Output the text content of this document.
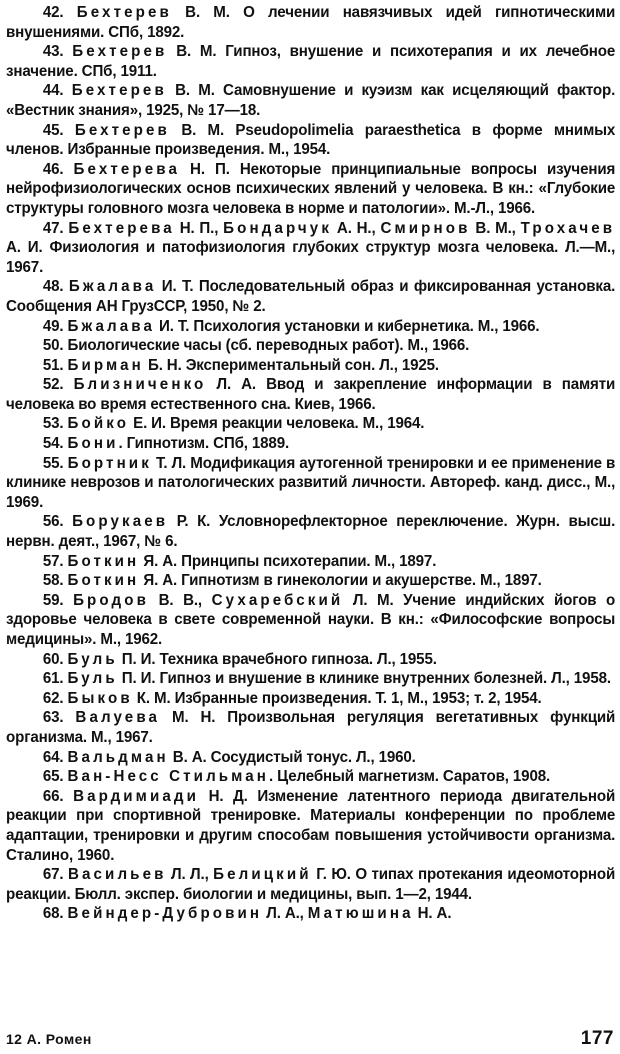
42. Бехтерев В. М. О лечении навязчивых идей гипнотическими внушениями. СПб, 1892.

43. Бехтерев В. М. Гипноз, внушение и психотерапия и их лечебное значение. СПб, 1911.

44. Бехтерев В. М. Самовнушение и куэизм как исцеляющий фактор. «Вестник знания», 1925, № 17—18.

45. Бехтерев В. М. Pseudopolimelia paraesthetica в форме мнимых членов. Избранные произведения. М., 1954.

46. Бехтерева Н. П. Некоторые принципиальные вопросы изучения нейрофизиологических основ психических явлений у человека. В кн.: «Глубокие структуры головного мозга человека в норме и патологии». М.-Л., 1966.

47. Бехтерева Н. П., Бондарчук А. Н., Смирнов В. М., Трохачев А. И. Физиология и патофизиология глубоких структур мозга человека. Л.—М., 1967.

48. Бжалава И. Т. Последовательный образ и фиксированная установка. Сообщения АН ГрузССР, 1950, № 2.

49. Бжалава И. Т. Психология установки и кибернетика. М., 1966.

50. Биологические часы (сб. переводных работ). М., 1966.

51. Бирман Б. Н. Экспериментальный сон. Л., 1925.

52. Близниченко Л. А. Ввод и закрепление информации в памяти человека во время естественного сна. Киев, 1966.

53. Бойко Е. И. Время реакции человека. М., 1964.

54. Бони. Гипнотизм. СПб, 1889.

55. Бортник Т. Л. Модификация аутогенной тренировки и ее применение в клинике неврозов и патологических развитий личности. Автореф. канд. дисс., М., 1969.

56. Борукаев Р. К. Условнорефлекторное переключение. Журн. высш. нервн. деят., 1967, № 6.

57. Боткин Я. А. Принципы психотерапии. М., 1897.

58. Боткин Я. А. Гипнотизм в гинекологии и акушерстве. М., 1897.

59. Бродов В. В., Сухаребский Л. М. Учение индийских йогов о здоровье человека в свете современной науки. В кн.: «Философские вопросы медицины». М., 1962.

60. Буль П. И. Техника врачебного гипноза. Л., 1955.

61. Буль П. И. Гипноз и внушение в клинике внутренних болезней. Л., 1958.

62. Быков К. М. Избранные произведения. Т. 1, М., 1953; т. 2, 1954.

63. Валуева М. Н. Произвольная регуляция вегетативных функций организма. М., 1967.

64. Вальдман В. А. Сосудистый тонус. Л., 1960.

65. Ван-Несс Стильман. Целебный магнетизм. Саратов, 1908.

66. Вардимиади Н. Д. Изменение латентного периода двигательной реакции при спортивной тренировке. Материалы конференции по проблеме адаптации, тренировки и другим способам повышения устойчивости организма. Сталино, 1960.

67. Васильев Л. Л., Белицкий Г. Ю. О типах протекания идеомоторной реакции. Бюлл. экспер. биологии и медицины, вып. 1—2, 1944.

68. Вейндер-Дубровин Л. А., Матюшина Н. А.

12 А. Ромен	177
